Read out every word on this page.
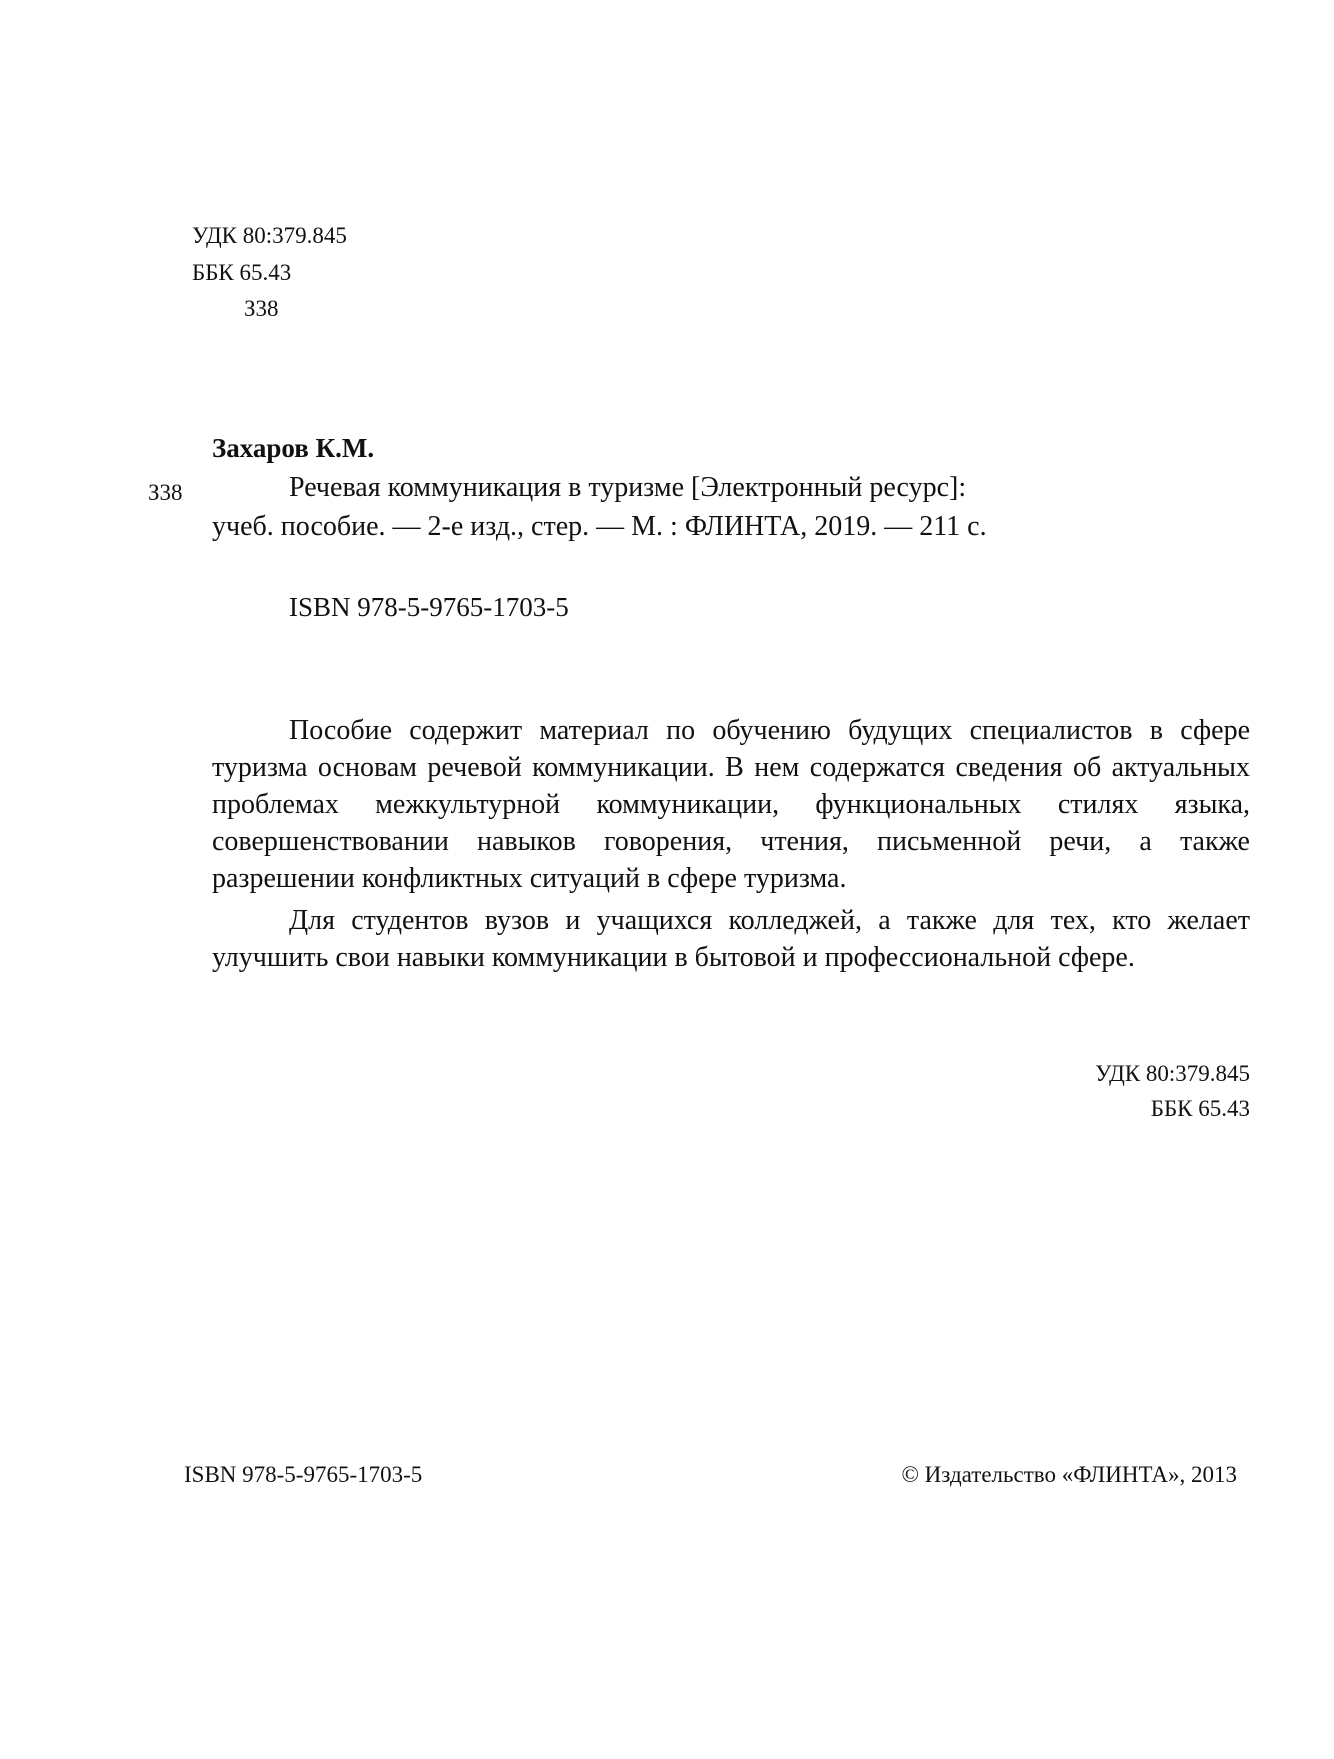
УДК 80:379.845
ББК 65.43
З38
Захаров К.М.
З38	Речевая коммуникация в туризме [Электронный ресурс]:
учеб. пособие. — 2-е изд., стер. — М. : ФЛИНТА, 2019. — 211 с.
ISBN 978-5-9765-1703-5

Пособие содержит материал по обучению будущих специалистов в сфере туризма основам речевой коммуникации. В нем содержатся сведения об актуальных проблемах межкультурной коммуникации, функциональных стилях языка, совершенствовании навыков говорения, чтения, письменной речи, а также разрешении конфликтных ситуаций в сфере туризма.

Для студентов вузов и учащихся колледжей, а также для тех, кто желает улучшить свои навыки коммуникации в бытовой и профессиональной сфере.

УДК 80:379.845
ББК 65.43
ISBN 978-5-9765-1703-5	© Издательство «ФЛИНТА», 2013
